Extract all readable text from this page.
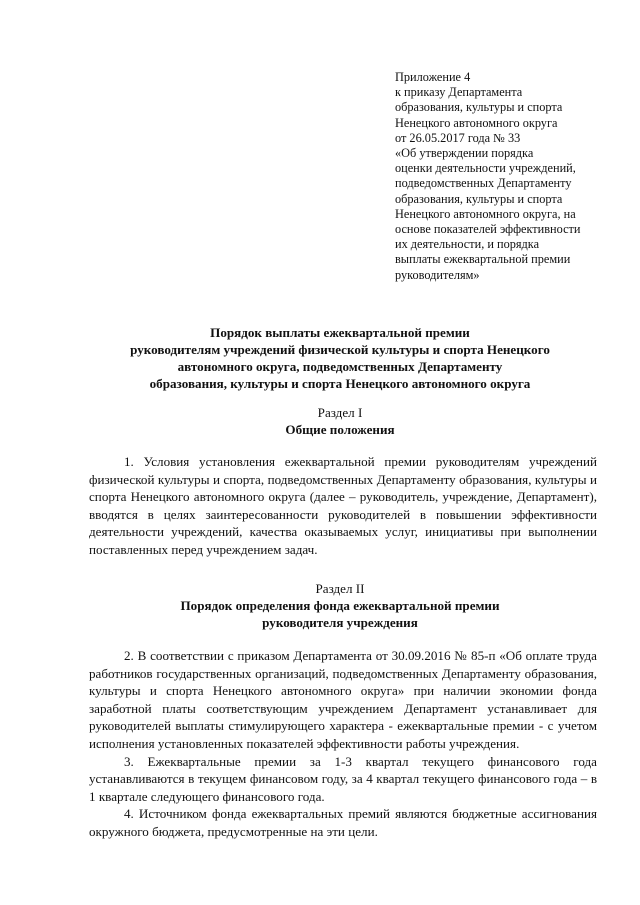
Приложение 4
к приказу Департамента
образования, культуры и спорта
Ненецкого автономного округа
от 26.05.2017 года № 33
«Об утверждении порядка
оценки деятельности учреждений,
подведомственных Департаменту
образования, культуры и спорта
Ненецкого автономного округа, на
основе показателей эффективности
их деятельности, и порядка
выплаты ежеквартальной премии
руководителям»
Порядок выплаты ежеквартальной премии
руководителям учреждений физической культуры и спорта Ненецкого
автономного округа, подведомственных Департаменту
образования, культуры и спорта Ненецкого автономного округа
Раздел I
Общие положения

1. Условия установления ежеквартальной премии руководителям учреждений физической культуры и спорта, подведомственных Департаменту образования, культуры и спорта Ненецкого автономного округа (далее – руководитель, учреждение, Департамент), вводятся в целях заинтересованности руководителей в повышении эффективности деятельности учреждений, качества оказываемых услуг, инициативы при выполнении поставленных перед учреждением задач.

Раздел II
Порядок определения фонда ежеквартальной премии
руководителя учреждения

2. В соответствии с приказом Департамента от 30.09.2016 № 85-п «Об оплате труда работников государственных организаций, подведомственных Департаменту образования, культуры и спорта Ненецкого автономного округа» при наличии экономии фонда заработной платы соответствующим учреждением Департамент устанавливает для руководителей выплаты стимулирующего характера - ежеквартальные премии - с учетом исполнения установленных показателей эффективности работы учреждения.

3. Ежеквартальные премии за 1-3 квартал текущего финансового года устанавливаются в текущем финансовом году, за 4 квартал текущего финансового года – в 1 квартале следующего финансового года.

4. Источником фонда ежеквартальных премий являются бюджетные ассигнования окружного бюджета, предусмотренные на эти цели.
